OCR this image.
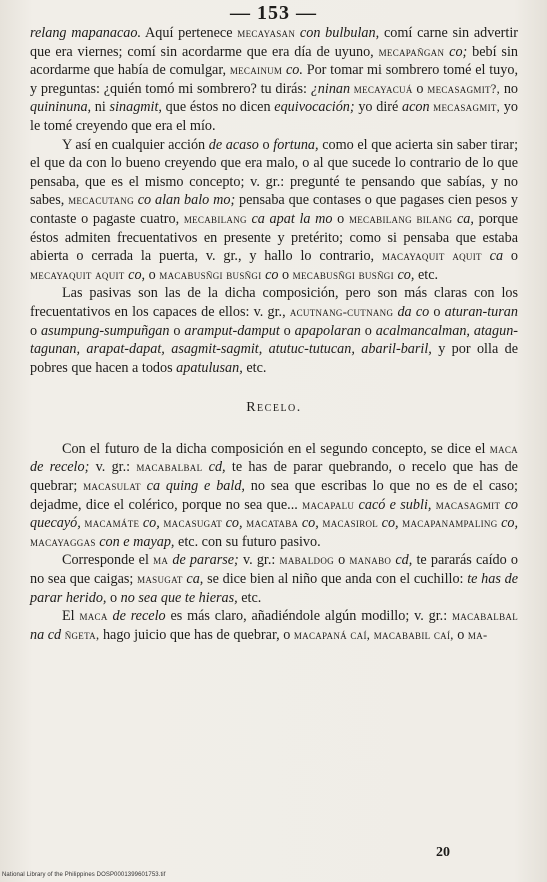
— 153 —

relang mapanacao. Aquí pertenece mecayasan con bulbulan, comí carne sin advertir que era viernes; comí sin acordarme que era día de uyuno, mecapañgan co; bebí sin acordarme que había de comulgar, mecainum co. Por tomar mi sombrero tomé el tuyo, y preguntas: ¿quién tomó mi sombrero? tu dirás: ¿ninan mecayacuá o mecasagmit?, no quininuna, ni sinagmit, que éstos no dicen equivocación; yo diré acon mecasagmit, yo le tomé creyendo que era el mío.

Y así en cualquier acción de acaso o fortuna, como el que acierta sin saber tirar; el que da con lo bueno creyendo que era malo, o al que sucede lo contrario de lo que pensaba, que es el mismo concepto; v. gr.: pregunté te pensando que sabías, y no sabes, mecacutang co alan balo mo; pensaba que contases o que pagases cien pesos y contaste o pagaste cuatro, mecabilang ca apat la mo o mecabilang bilang ca, porque éstos admiten frecuentativos en presente y pretérito; como si pensaba que estaba abierta o cerrada la puerta, v. gr., y hallo lo contrario, macayaquit aquit ca o mecayaquit aquit co, o macabusñgi busñgi co o mecabusñgi busñgi co, etc.

Las pasivas son las de la dicha composición, pero son más claras con los frecuentativos en los capaces de ellos: v. gr., acutnang-cutnang da co o aturan-turan o asumpung-sumpuñgan o aramput-damput o apapolaran o acalmancalman, atagun-tagunan, arapat-dapat, asagmit-sagmit, atutuc-tutucan, abaril-baril, y por olla de pobres que hacen a todos apatulusan, etc.

Recelo.

Con el futuro de la dicha composición en el segundo concepto, se dice el maca de recelo; v. gr.: macabalbal cd, te has de parar quebrando, o recelo que has de quebrar; macasulat ca quing e bald, no sea que escribas lo que no es de el caso; dejadme, dice el colérico, porque no sea que... macapalu cacó e subli, macasagmit co quecayó, macamáte co, macasugat co, macataba co, macasirol co, macapanampaling co, macayaggas con e mayap, etc. con su futuro pasivo.

Corresponde el ma de pararse; v. gr.: mabaldog o manabo cd, te pararás caído o no sea que caigas; masugat ca, se dice bien al niño que anda con el cuchillo: te has de parar herido, o no sea que te hieras, etc.

El maca de recelo es más claro, añadiéndole algún modillo; v. gr.: macabalbal na cd ñgeta, hago juicio que has de quebrar, o macapaná caí, macababil caí, o ma-

20
National Library of the Philippines DOSP0001399601753.tif
